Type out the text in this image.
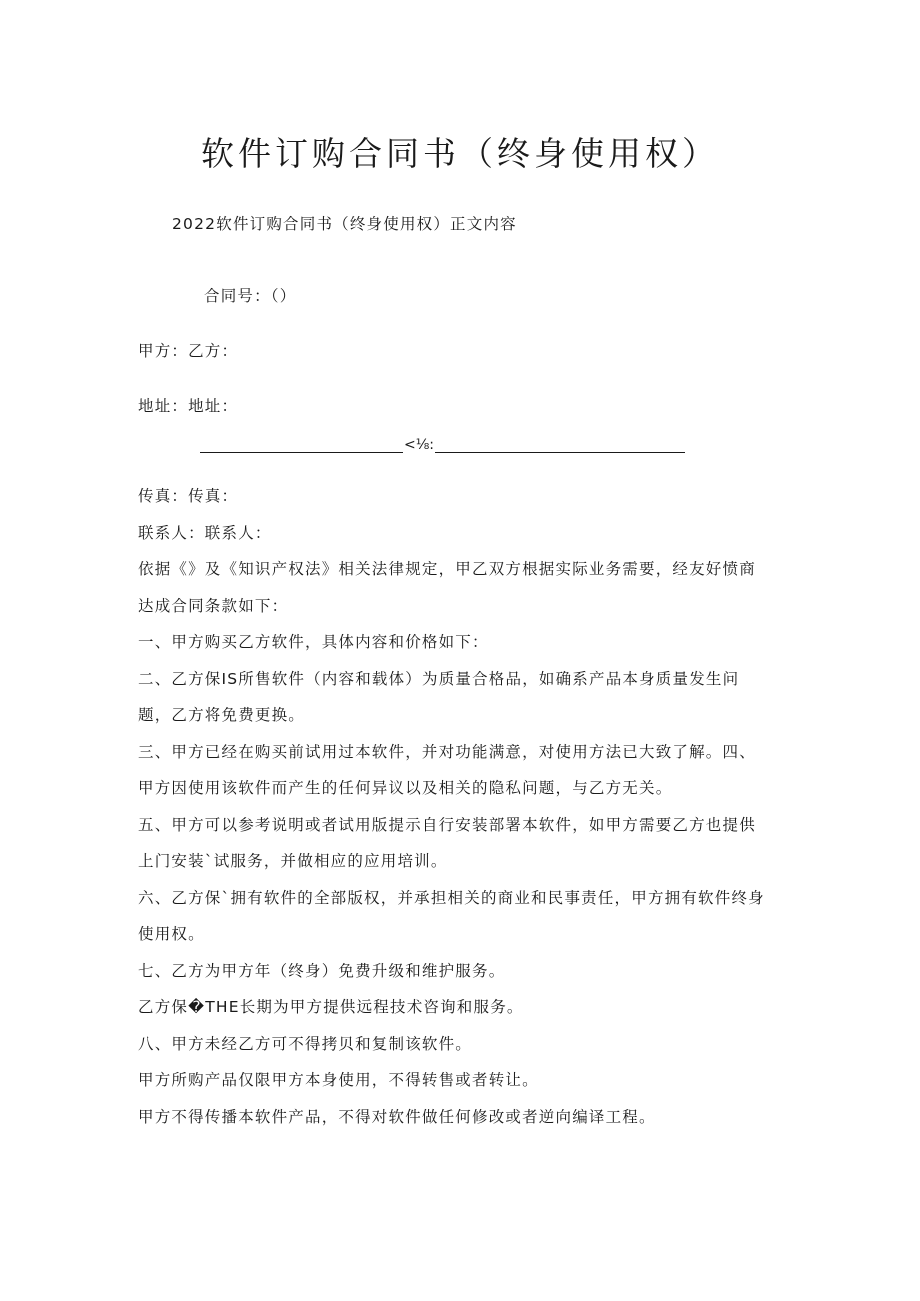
软件订购合同书（终身使用权）

2022软件订购合同书（终身使用权）正文内容

合同号：（）

甲方：乙方：

地址：地址：

<⅛:

传真：传真：

联系人：联系人：

依据《》及《知识产权法》相关法律规定，甲乙双方根据实际业务需要，经友好愤商

达成合同条款如下：

一、甲方购买乙方软件，具体内容和价格如下：

二、乙方保IS所售软件（内容和载体）为质量合格品，如确系产品本身质量发生问

题，乙方将免费更换。

三、甲方已经在购买前试用过本软件，并对功能满意，对使用方法已大致了解。四、

甲方因使用该软件而产生的任何异议以及相关的隐私问题，与乙方无关。

五、甲方可以参考说明或者试用版提示自行安装部署本软件，如甲方需要乙方也提供

上门安装`试服务，并做相应的应用培训。

六、乙方保`拥有软件的全部版权，并承担相关的商业和民事责任，甲方拥有软件终身

使用权。

七、乙方为甲方年（终身）免费升级和维护服务。

乙方保�THE长期为甲方提供远程技术咨询和服务。

八、甲方未经乙方可不得拷贝和复制该软件。

甲方所购产品仅限甲方本身使用，不得转售或者转让。

甲方不得传播本软件产品，不得对软件做任何修改或者逆向编译工程。
